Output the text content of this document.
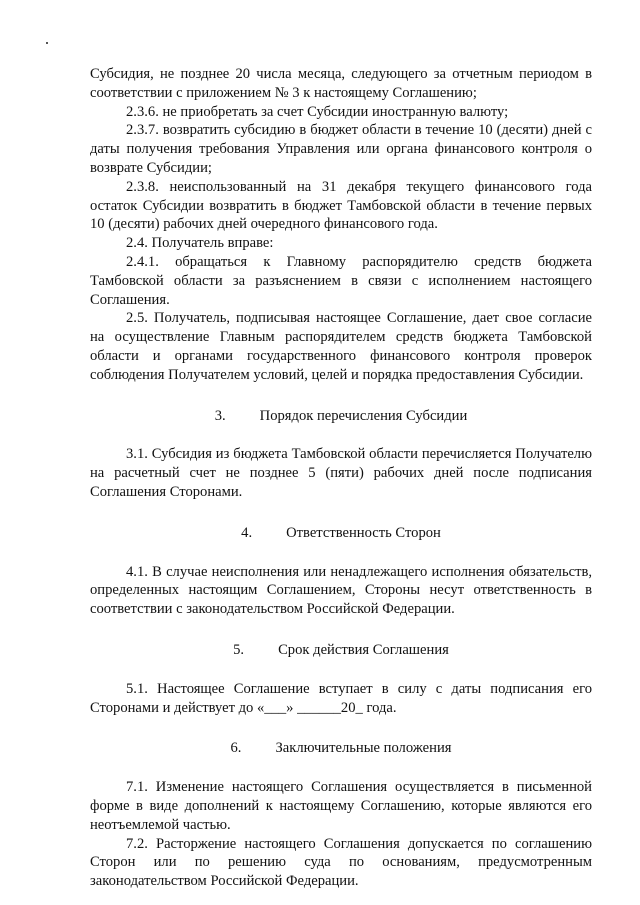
Субсидия, не позднее 20 числа месяца, следующего за отчетным периодом в соответствии с приложением № 3 к настоящему Соглашению;

2.3.6. не приобретать за счет Субсидии иностранную валюту;

2.3.7. возвратить субсидию в бюджет области в течение 10 (десяти) дней с даты получения требования Управления или органа финансового контроля о возврате Субсидии;

2.3.8. неиспользованный на 31 декабря текущего финансового года остаток Субсидии возвратить в бюджет Тамбовской области в течение первых 10 (десяти) рабочих дней очередного финансового года.

2.4. Получатель вправе:

2.4.1. обращаться к Главному распорядителю средств бюджета Тамбовской области за разъяснением в связи с исполнением настоящего Соглашения.

2.5. Получатель, подписывая настоящее Соглашение, дает свое согласие на осуществление Главным распорядителем средств бюджета Тамбовской области и органами государственного финансового контроля проверок соблюдения Получателем условий, целей и порядка предоставления Субсидии.

3. Порядок перечисления Субсидии

3.1. Субсидия из бюджета Тамбовской области перечисляется Получателю на расчетный счет не позднее 5 (пяти) рабочих дней после подписания Соглашения Сторонами.

4. Ответственность Сторон

4.1. В случае неисполнения или ненадлежащего исполнения обязательств, определенных настоящим Соглашением, Стороны несут ответственность в соответствии с законодательством Российской Федерации.

5. Срок действия Соглашения

5.1. Настоящее Соглашение вступает в силу с даты подписания его Сторонами и действует до «___» ______20_ года.

6. Заключительные положения

7.1. Изменение настоящего Соглашения осуществляется в письменной форме в виде дополнений к настоящему Соглашению, которые являются его неотъемлемой частью.

7.2. Расторжение настоящего Соглашения допускается по соглашению Сторон или по решению суда по основаниям, предусмотренным законодательством Российской Федерации.
